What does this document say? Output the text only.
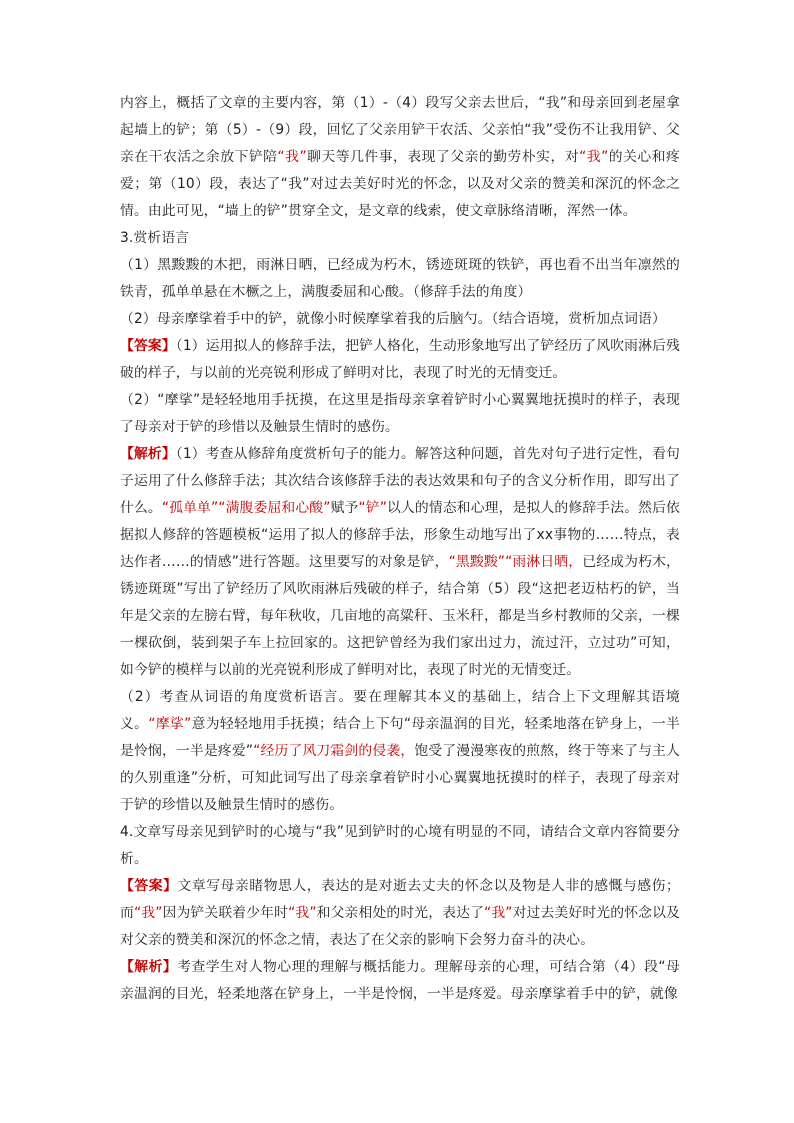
内容上，概括了文章的主要内容，第（1）-（4）段写父亲去世后，“我”和母亲回到老屋拿起墙上的铲；第（5）-（9）段，回忆了父亲用铲干农活、父亲怕“我”受伤不让我用铲、父亲在干农活之余放下铲陪“我”聊天等几件事，表现了父亲的勤劳朴实，对“我”的关心和疼爱；第（10）段，表达了“我”对过去美好时光的怀念，以及对父亲的赞美和深沉的怀念之情。由此可见，“墙上的铲”贯穿全文，是文章的线索，使文章脉络清晰，浑然一体。

3.赏析语言

（1）黑黢黢的木把，雨淋日晒，已经成为朽木，锈迹斑斑的铁铲，再也看不出当年凛然的铁青，孤单单悬在木橛之上，满腹委屈和心酸。（修辞手法的角度）

（2）母亲摩挲着手中的铲，就像小时候摩挲着我的后脑勺。（结合语境，赏析加点词语）

【答案】（1）运用拟人的修辞手法，把铲人格化，生动形象地写出了铲经历了风吹雨淋后残破的样子，与以前的光亮锐利形成了鲜明对比，表现了时光的无情变迁。

（2）“摩挲”是轻轻地用手抚摸，在这里是指母亲拿着铲时小心翼翼地抚摸时的样子，表现了母亲对于铲的珍惜以及触景生情时的感伤。

【解析】（1）考查从修辞角度赏析句子的能力。解答这种问题，首先对句子进行定性，看句子运用了什么修辞手法；其次结合该修辞手法的表达效果和句子的含义分析作用，即写出了什么。“孤单单”“满腹委屈和心酸”赋予“铲”以人的情态和心理，是拟人的修辞手法。然后依据拟人修辞的答题模板“运用了拟人的修辞手法，形象生动地写出了xx事物的……特点，表达作者……的情感”进行答题。这里要写的对象是铲，“黑黢黢”“雨淋日晒，已经成为朽木，锈迹斑斑”写出了铲经历了风吹雨淋后残破的样子，结合第（5）段“这把老迈枯朽的铲，当年是父亲的左膀右臂，每年秋收，几亩地的高粱秆、玉米秆，都是当乡村教师的父亲，一棵一棵砍倒，装到架子车上拉回家的。这把铲曾经为我们家出过力，流过汗，立过功”可知，如今铲的模样与以前的光亮锐利形成了鲜明对比，表现了时光的无情变迁。

（2）考查从词语的角度赏析语言。要在理解其本义的基础上，结合上下文理解其语境义。“摩挲”意为轻轻地用手抚摸；结合上下句“母亲温润的目光，轻柔地落在铲身上，一半是怜悯，一半是疼爱”“经历了风刀霜剑的侵袭，饱受了漫漫寒夜的煎熬，终于等来了与主人的久别重逢”分析，可知此词写出了母亲拿着铲时小心翼翼地抚摸时的样子，表现了母亲对于铲的珍惜以及触景生情时的感伤。

4.文章写母亲见到铲时的心境与“我”见到铲时的心境有明显的不同，请结合文章内容简要分析。

【答案】文章写母亲睹物思人，表达的是对逝去丈夫的怀念以及物是人非的感慨与感伤；而“我”因为铲关联着少年时“我”和父亲相处的时光，表达了“我”对过去美好时光的怀念以及对父亲的赞美和深沉的怀念之情，表达了在父亲的影响下会努力奋斗的决心。

【解析】考查学生对人物心理的理解与概括能力。理解母亲的心理，可结合第（4）段“母亲温润的目光，轻柔地落在铲身上，一半是怜悯，一半是疼爱。母亲摩挲着手中的铲，就像
